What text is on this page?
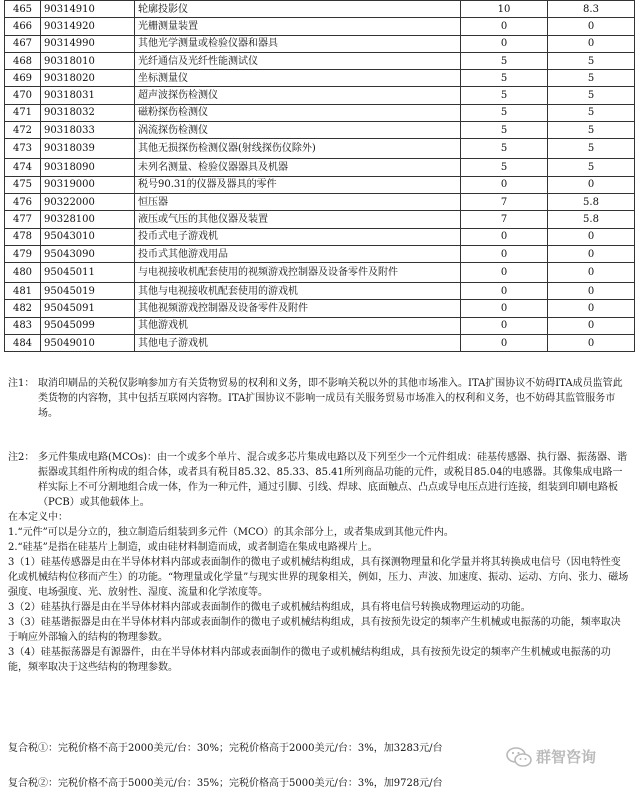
465	90314910	轮廓投影仪	10	8.3
466	90314920	光栅测量装置	0	0
467	90314990	其他光学测量或检验仪器和器具	0	0
468	90318010	光纤通信及光纤性能测试仪	5	5
469	90318020	坐标测量仪	5	5
470	90318031	超声波探伤检测仪	5	5
471	90318032	磁粉探伤检测仪	5	5
472	90318033	涡流探伤检测仪	5	5
473	90318039	其他无损探伤检测仪器(射线探伤仪除外)	5	5
474	90318090	未列名测量、检验仪器器具及机器	5	5
475	90319000	税号90.31的仪器及器具的零件	0	0
476	90322000	恒压器	7	5.8
477	90328100	液压或气压的其他仪器及装置	7	5.8
478	95043010	投币式电子游戏机	0	0
479	95043090	投币式其他游戏用品	0	0
480	95045011	与电视接收机配套使用的视频游戏控制器及设备零件及附件	0	0
481	95045019	其他与电视接收机配套使用的游戏机	0	0
482	95045091	其他视频游戏控制器及设备零件及附件	0	0
483	95045099	其他游戏机	0	0
484	95049010	其他电子游戏机	0	0
注1： 取消印刷品的关税仅影响参加方有关货物贸易的权利和义务，即不影响关税以外的其他市场准入。ITA扩围协议不妨碍ITA成员监管此类货物的内容物，其中包括互联网内容物。ITA扩围协议不影响一成员有关服务贸易市场准入的权利和义务，也不妨碍其监管服务市场。

注2： 多元件集成电路(MCOs)：由一个或多个单片、混合或多芯片集成电路以及下列至少一个元件组成：硅基传感器、执行器、振荡器、谐振器或其组件所构成的组合体，或者具有税目85.32、85.33、85.41所列商品功能的元件，或税目85.04的电感器。其像集成电路一样实际上不可分割地组合成一体，作为一种元件，通过引脚、引线、焊球、底面触点、凸点或导电压点进行连接，组装到印刷电路板（PCB）或其他载体上。

在本定义中：

1.“元件”可以是分立的，独立制造后组装到多元件（MCO）的其余部分上，或者集成到其他元件内。

2.“硅基”是指在硅基片上制造，或由硅材料制造而成，或者制造在集成电路裸片上。

3（1）硅基传感器是由在半导体材料内部或表面制作的微电子或机械结构组成，具有探测物理量和化学量并将其转换成电信号（因电特性变化或机械结构位移而产生）的功能。“物理量或化学量”与现实世界的现象相关，例如，压力、声波、加速度、振动、运动、方向、张力、磁场强度、电场强度、光、放射性、湿度、流量和化学浓度等。

3（2）硅基执行器是由在半导体材料内部或表面制作的微电子或机械结构组成，具有将电信号转换成物理运动的功能。

3（3）硅基谐振器是由在半导体材料内部或表面制作的微电子或机械结构组成，具有按预先设定的频率产生机械或电振荡的功能，频率取决于响应外部输入的结构的物理参数。

3（4）硅基振荡器是有源器件，由在半导体材料内部或表面制作的微电子或机械结构组成，具有按预先设定的频率产生机械或电振荡的功能，频率取决于这些结构的物理参数。

复合税①：完税价格不高于2000美元/台：30%；完税价格高于2000美元/台：3%，加3283元/台
复合税②：完税价格不高于5000美元/台：35%；完税价格高于5000美元/台：3%，加9728元/台
群智咨询
